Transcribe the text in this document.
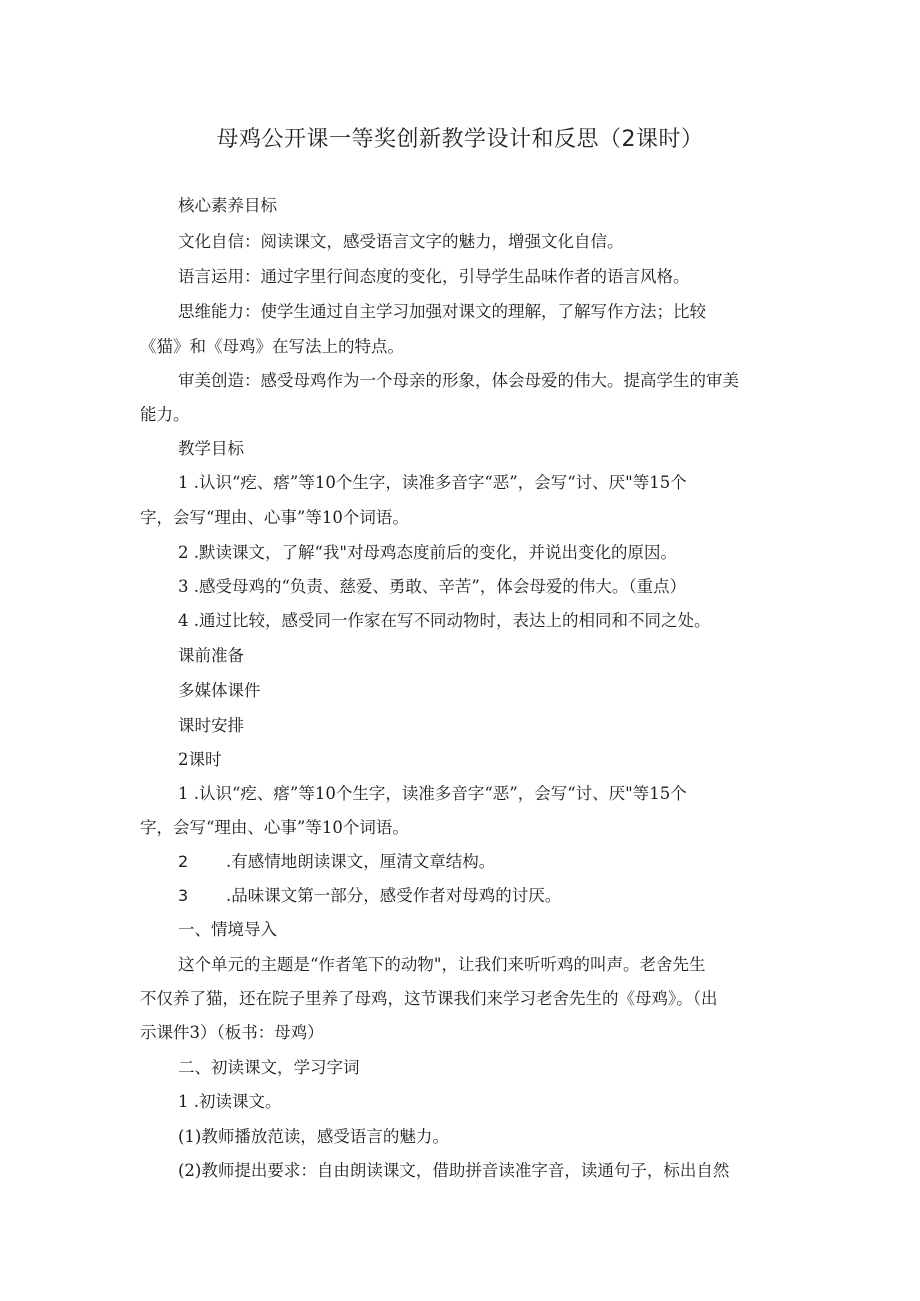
母鸡公开课一等奖创新教学设计和反思（2课时）
核心素养目标
文化自信：阅读课文，感受语言文字的魅力，增强文化自信。
语言运用：通过字里行间态度的变化，引导学生品味作者的语言风格。
思维能力：使学生通过自主学习加强对课文的理解，了解写作方法；比较
《猫》和《母鸡》在写法上的特点。
审美创造：感受母鸡作为一个母亲的形象，体会母爱的伟大。提高学生的审美
能力。
教学目标
1 .认识“疙、瘩”等10个生字，读准多音字“恶”，会写“讨、厌"等15个
字，会写“理由、心事”等10个词语。
2 .默读课文，了解“我"对母鸡态度前后的变化，并说出变化的原因。
3 .感受母鸡的“负责、慈爱、勇敢、辛苦”，体会母爱的伟大。（重点）
4 .通过比较，感受同一作家在写不同动物时，表达上的相同和不同之处。
课前准备
多媒体课件
课时安排
2课时
1 .认识“疙、瘩”等10个生字，读准多音字“恶”，会写“讨、厌"等15个
字，会写“理由、心事”等10个词语。
2 .有感情地朗读课文，厘清文章结构。
3 .品味课文第一部分，感受作者对母鸡的讨厌。
一、情境导入
这个单元的主题是“作者笔下的动物"，让我们来听听鸡的叫声。老舍先生
不仅养了猫，还在院子里养了母鸡，这节课我们来学习老舍先生的《母鸡》。（出
示课件3）（板书：母鸡）
二、初读课文，学习字词
1 .初读课文。
(1)教师播放范读，感受语言的魅力。
(2)教师提出要求：自由朗读课文，借助拼音读准字音，读通句子，标出自然
